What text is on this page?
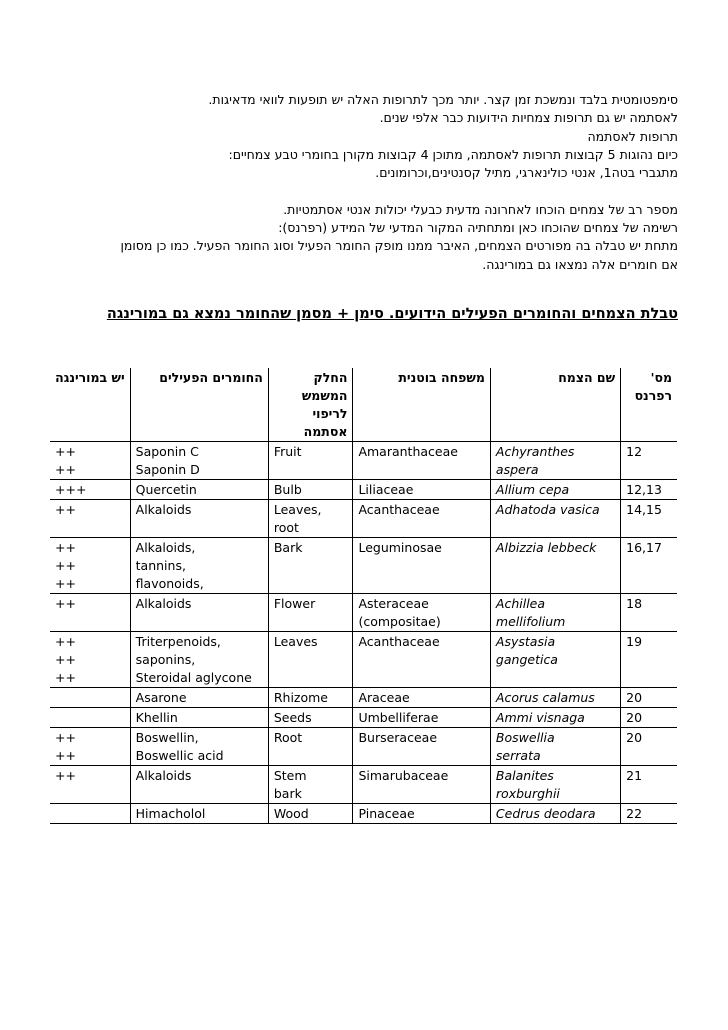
סימפטומטית בלבד ונמשכת זמן קצר. יותר מכך לתרופות האלה יש תופעות לוואי מדאיגות.
לאסתמה יש גם תרופות צמחיות הידועות כבר אלפי שנים.
תרופות לאסתמה
כיום נהוגות 5 קבוצות תרופות לאסתמה, מתוכן 4 קבוצות מקורן בחומרי טבע צמחיים:
מתגברי בטה1, אנטי כולינארגי, מתיל קסנטינים,וכרומונים.
מספר רב של צמחים הוכחו לאחרונה מדעית כבעלי יכולות אנטי אסתמטיות.
רשימה של צמחים שהוכחו כאן ומתחתיה המקור המדעי של המידע (רפרנס):
מתחת יש טבלה בה מפורטים הצמחים, האיבר ממנו מופק החומר הפעיל וסוג החומר הפעיל. כמו כן מסומן
אם חומרים אלה נמצאו גם במורינגה.
טבלת הצמחים והחומרים הפעילים הידועים. סימן + מסמן שהחומר נמצא גם במורינגה
יש במורינגה	החומרים הפעילים	החלק המשמש לריפוי אסתמה	משפחה בוטנית	שם הצמח	מס' רפרנס

++
++	Saponin C
Saponin D	Fruit	Amaranthaceae	Achyranthes
aspera	12

+++	Quercetin	Bulb	Liliaceae	Allium cepa	12,13

++	Alkaloids	Leaves,
root	Acanthaceae	Adhatoda vasica	14,15

++
++
++	Alkaloids,
tannins,
flavonoids,	Bark	Leguminosae	Albizzia lebbeck	16,17

++	Alkaloids	Flower	Asteraceae
(compositae)	Achillea
mellifolium	18

++
++
++	Triterpenoids,
saponins,
Steroidal aglycone	Leaves	Acanthaceae	Asystasia
gangetica	19

	Asarone	Rhizome	Araceae	Acorus calamus	20

	Khellin	Seeds	Umbelliferae	Ammi visnaga	20

++
++	Boswellin,
Boswellic acid	Root	Burseraceae	Boswellia
serrata	20

++	Alkaloids	Stem
bark	Simarubaceae	Balanites
roxburghii	21

	Himacholol	Wood	Pinaceae	Cedrus deodara	22
